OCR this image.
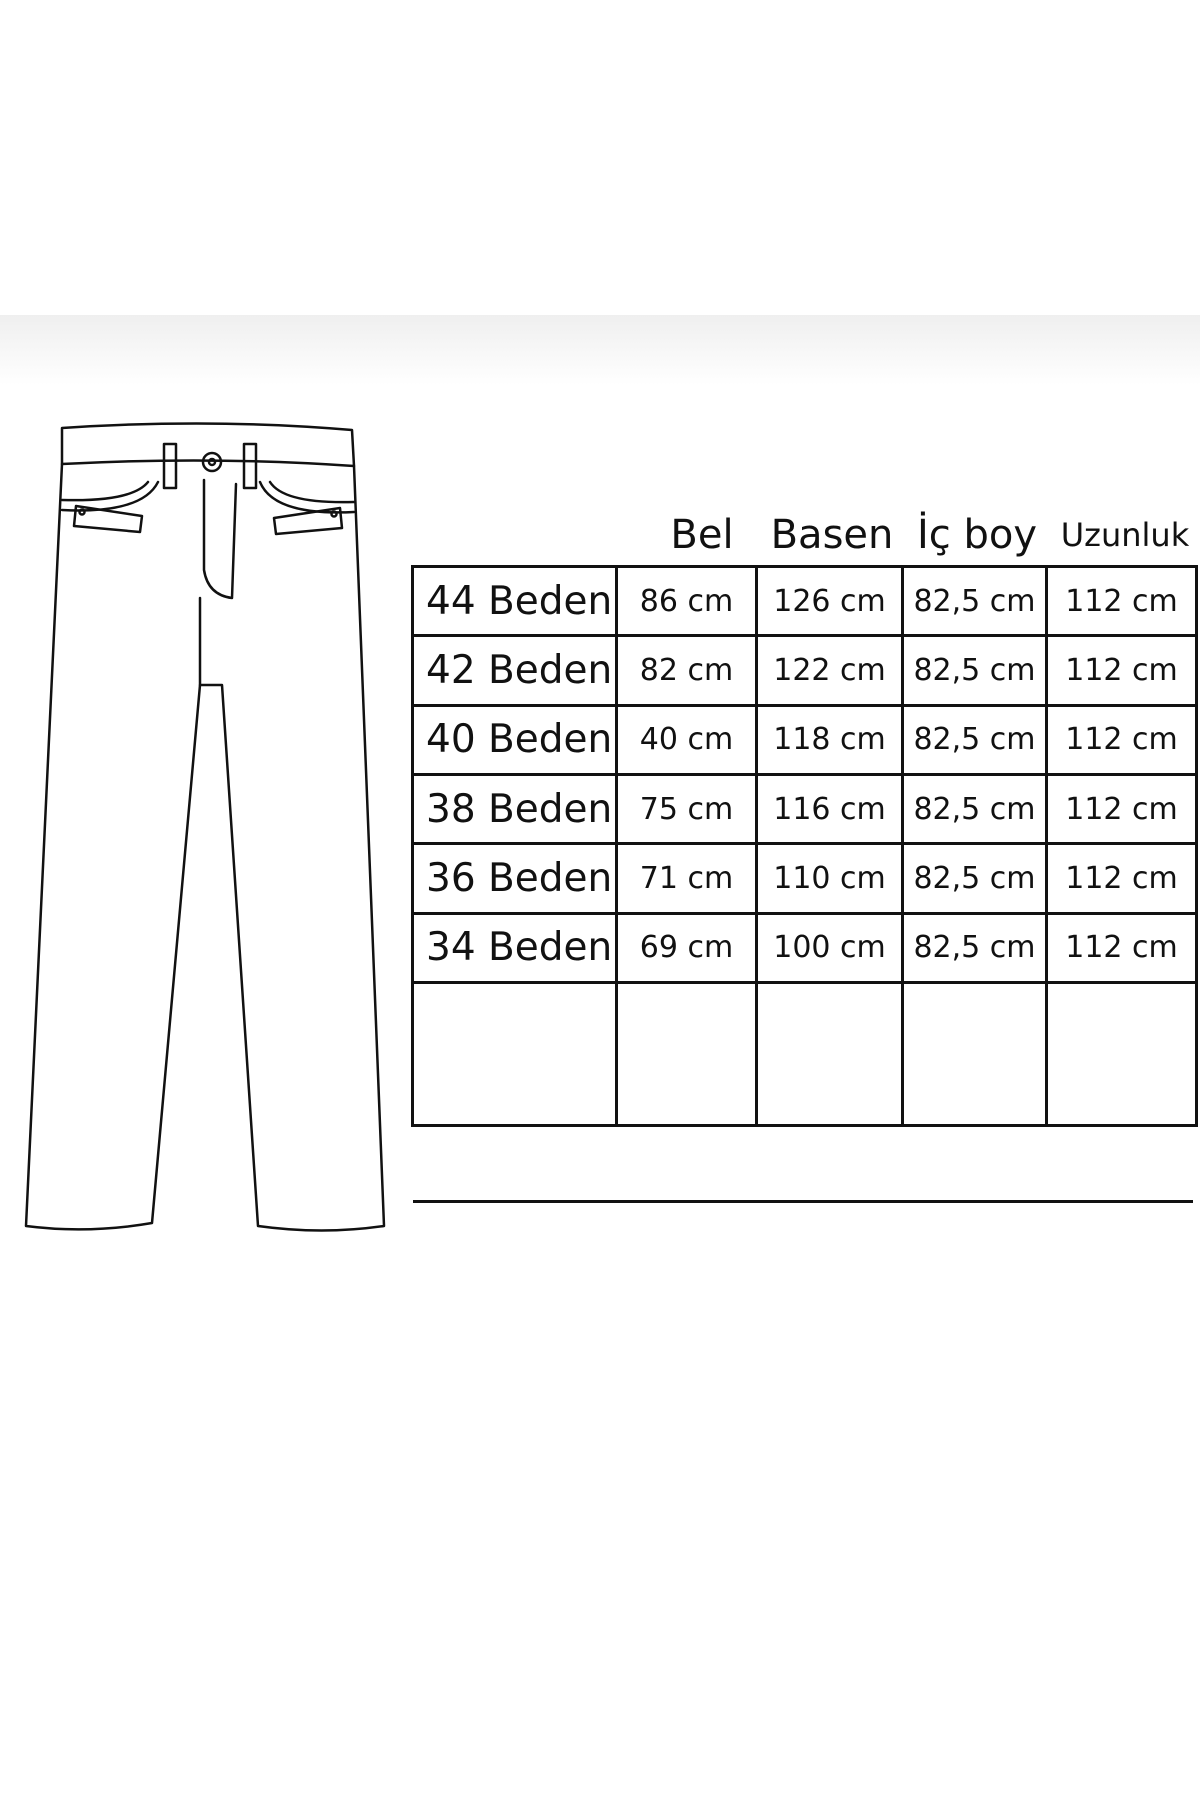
Bel Basen İç boy Uzunluk
44 Beden	86 cm	126 cm	82,5 cm	112 cm
42 Beden	82 cm	122 cm	82,5 cm	112 cm
40 Beden	40 cm	118 cm	82,5 cm	112 cm
38 Beden	75 cm	116 cm	82,5 cm	112 cm
36 Beden	71 cm	110 cm	82,5 cm	112 cm
34 Beden	69 cm	100 cm	82,5 cm	112 cm
